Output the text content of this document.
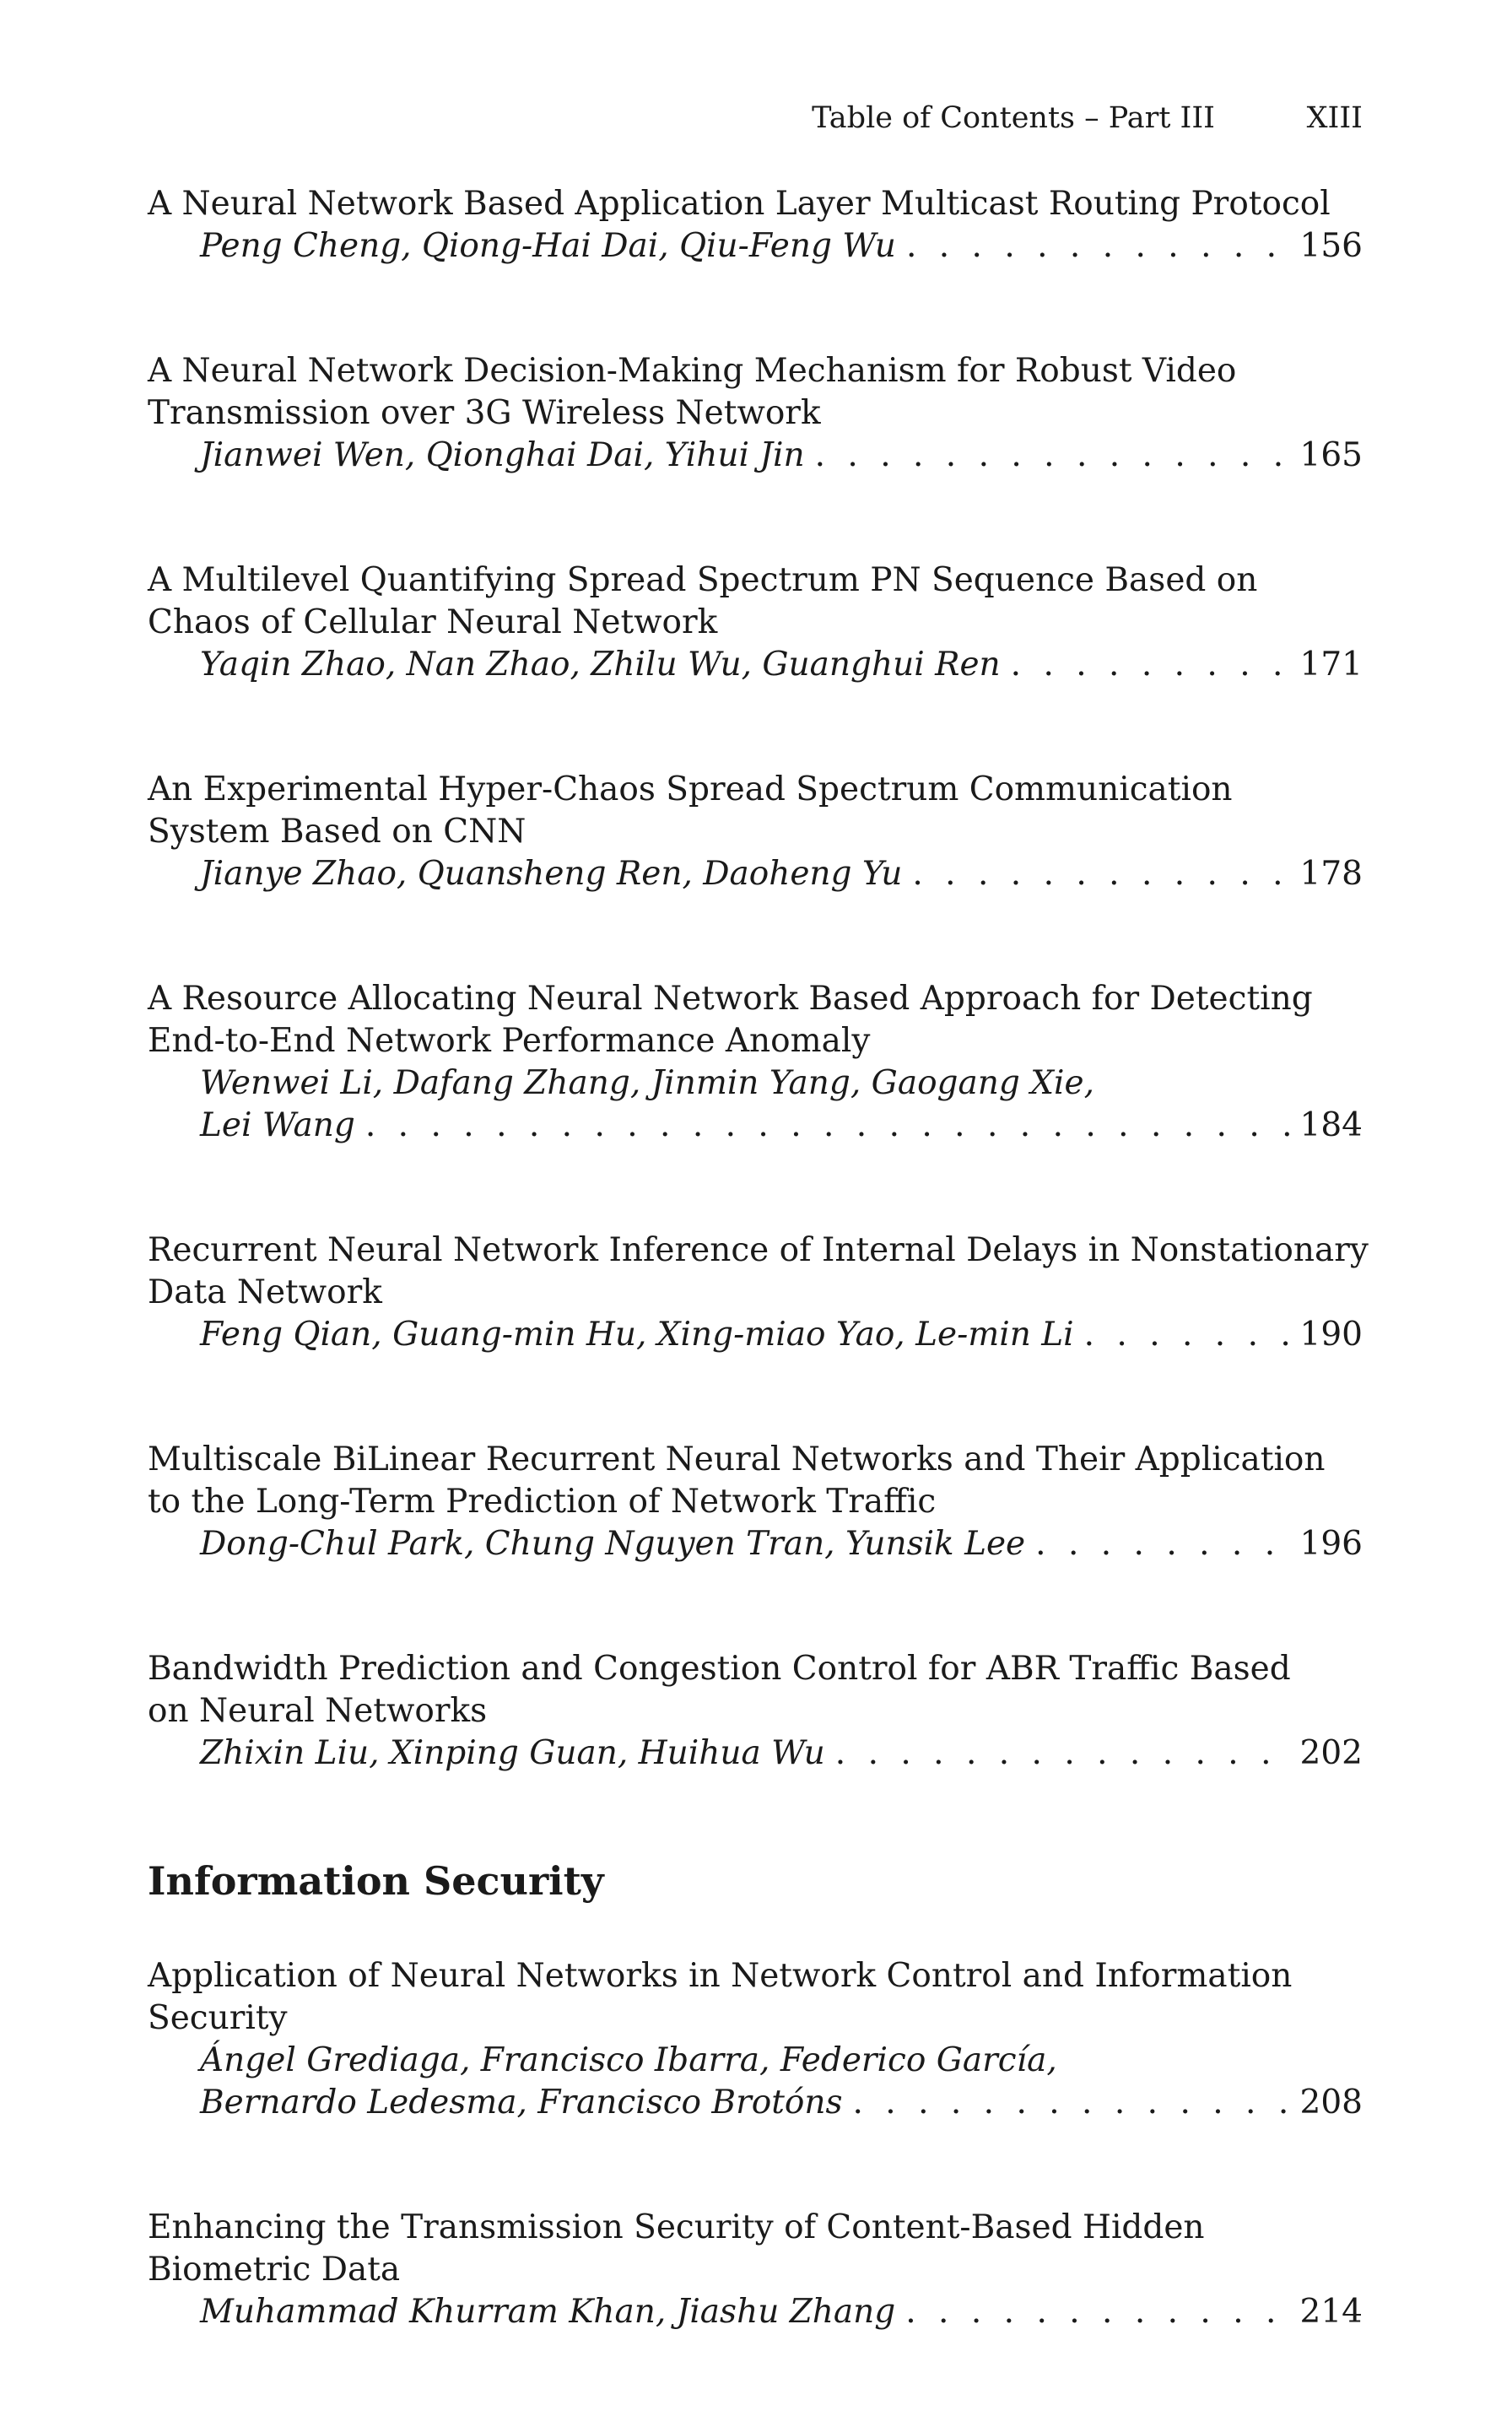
Table of Contents – Part III	XIII
A Neural Network Based Application Layer Multicast Routing Protocol
Peng Cheng, Qiong-Hai Dai, Qiu-Feng Wu . . .	156
A Neural Network Decision-Making Mechanism for Robust Video
Transmission over 3G Wireless Network
Jianwei Wen, Qionghai Dai, Yihui Jin . . .	165
A Multilevel Quantifying Spread Spectrum PN Sequence Based on
Chaos of Cellular Neural Network
Yaqin Zhao, Nan Zhao, Zhilu Wu, Guanghui Ren . . .	171
An Experimental Hyper-Chaos Spread Spectrum Communication
System Based on CNN
Jianye Zhao, Quansheng Ren, Daoheng Yu . . .	178
A Resource Allocating Neural Network Based Approach for Detecting
End-to-End Network Performance Anomaly
Wenwei Li, Dafang Zhang, Jinmin Yang, Gaogang Xie,
Lei Wang . . .	184
Recurrent Neural Network Inference of Internal Delays in Nonstationary
Data Network
Feng Qian, Guang-min Hu, Xing-miao Yao, Le-min Li . . .	190
Multiscale BiLinear Recurrent Neural Networks and Their Application
to the Long-Term Prediction of Network Traffic
Dong-Chul Park, Chung Nguyen Tran, Yunsik Lee . . .	196
Bandwidth Prediction and Congestion Control for ABR Traffic Based
on Neural Networks
Zhixin Liu, Xinping Guan, Huihua Wu . . .	202
Information Security
Application of Neural Networks in Network Control and Information
Security
Ángel Grediaga, Francisco Ibarra, Federico García,
Bernardo Ledesma, Francisco Brotóns . . .	208
Enhancing the Transmission Security of Content-Based Hidden
Biometric Data
Muhammad Khurram Khan, Jiashu Zhang . . .	214
